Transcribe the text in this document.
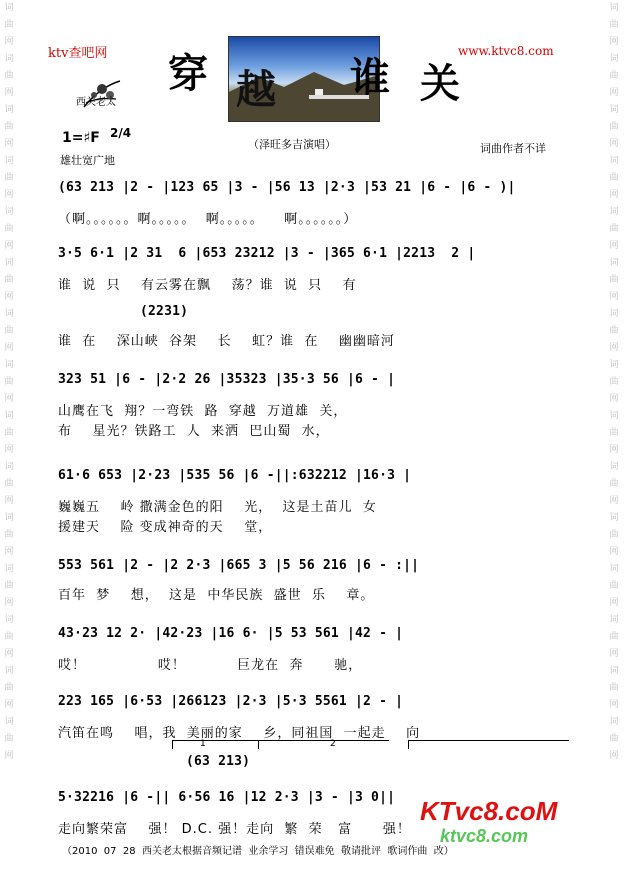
词曲网词曲网词曲网词曲网词曲网词曲网词曲网词曲网词曲网词曲网词曲网词曲网词曲网词曲网词曲网
词曲网词曲网词曲网词曲网词曲网词曲网词曲网词曲网词曲网词曲网词曲网词曲网词曲网词曲网词曲网
ktv查吧网

西关老太
穿 越 谁 关
www.ktvc8.com
1=♯F 2/4
（泽旺多吉演唱）	词曲作者不详
雄壮宽广地
(63 213 |2 - |123 65 |3 - |56 13 |2·3 |53 21 |6 - |6 - )|
（啊。。。。。。啊。。。。。  啊。。。。。    啊。。。。。。）
3·5 6·1 |2 31  6 |653 23212 |3 - |365 6·1 |2213  2 |
谁  说  只    有云雾在飘    荡？谁  说  只    有
(2231)
谁  在    深山峡  谷架    长    虹？谁  在    幽幽暗河
323 51 |6 - |2·2 26 |35323 |35·3 56 |6 - |
山鹰在飞  翔？一弯铁  路  穿越  万道雄  关，
布    星光？铁路工  人  来洒  巴山蜀  水，
61·6 653 |2·23 |535 56 |6 -||:632212 |16·3 |
巍巍五    岭 撒满金色的阳    光，  这是土苗儿  女
援建天    险 变成神奇的天    堂，
553 561 |2 - |2 2·3 |665 3 |5 56 216 |6 - :||
百年  梦    想，  这是  中华民族  盛世  乐    章。
43·23 12 2· |42·23 |16 6· |5 53 561 |42 - |
哎！              哎！          巨龙在  奔      驰，
223 165 |6·53 |266123 |2·3 |5·3 5561 |2 - |
汽笛在鸣    唱，我  美丽的家    乡，同祖国  一起走    向
1	2
(63 213)
5·32216 |6 -|| 6·56 16 |12 2·3 |3 - |3 0||
走向繁荣富    强！ D.C. 强！走向  繁  荣   富      强！
（2010  07  28  西关老太根据音频记谱  业余学习  错误难免  敬请批评  歌词作曲  改）
KTvc8.coM
ktvc8.com
